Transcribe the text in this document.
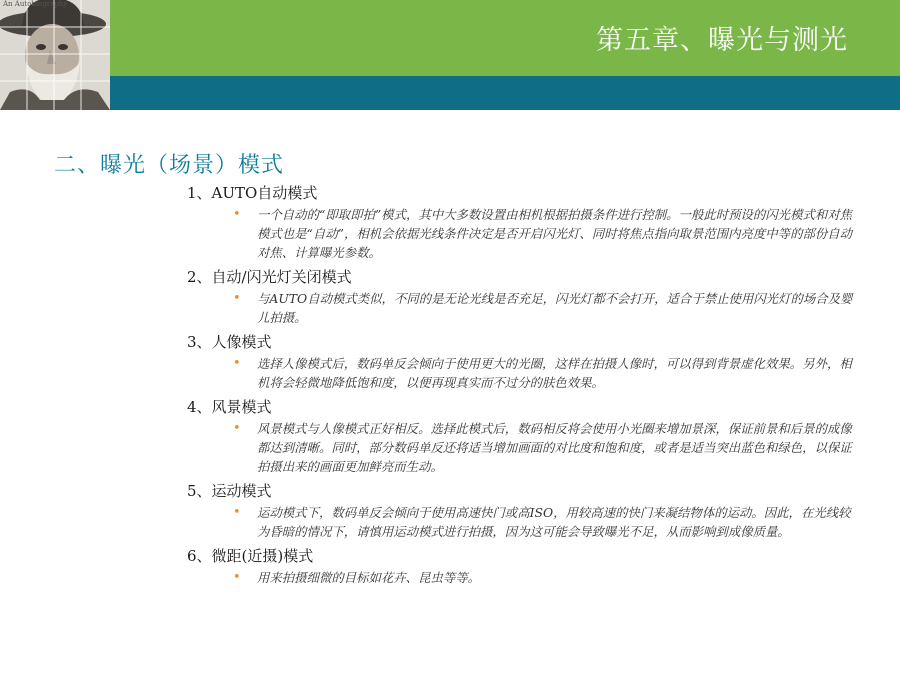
第五章、曝光与测光
An Autobiography
二、曝光（场景）模式
1、AUTO自动模式
• 一个自动的“即取即拍”模式，其中大多数设置由相机根据拍摄条件进行控制。一般此时预设的闪光模式和对焦模式也是“自动”，相机会依据光线条件决定是否开启闪光灯、同时将焦点指向取景范围内亮度中等的部份自动对焦、计算曝光参数。
2、自动/闪光灯关闭模式
• 与AUTO自动模式类似，不同的是无论光线是否充足，闪光灯都不会打开，适合于禁止使用闪光灯的场合及婴儿拍摄。
3、人像模式
• 选择人像模式后，数码单反会倾向于使用更大的光圈，这样在拍摄人像时，可以得到背景虚化效果。另外，相机将会轻微地降低饱和度，以便再现真实而不过分的肤色效果。
4、风景模式
• 风景模式与人像模式正好相反。选择此模式后，数码相反将会使用小光圈来增加景深，保证前景和后景的成像都达到清晰。同时，部分数码单反还将适当增加画面的对比度和饱和度，或者是适当突出蓝色和绿色，以保证拍摄出来的画面更加鲜亮而生动。
5、运动模式
• 运动模式下，数码单反会倾向于使用高速快门或高ISO，用较高速的快门来凝结物体的运动。因此，在光线较为昏暗的情况下，请慎用运动模式进行拍摄，因为这可能会导致曝光不足，从而影响到成像质量。
6、微距(近摄)模式
• 用来拍摄细微的目标如花卉、昆虫等等。
